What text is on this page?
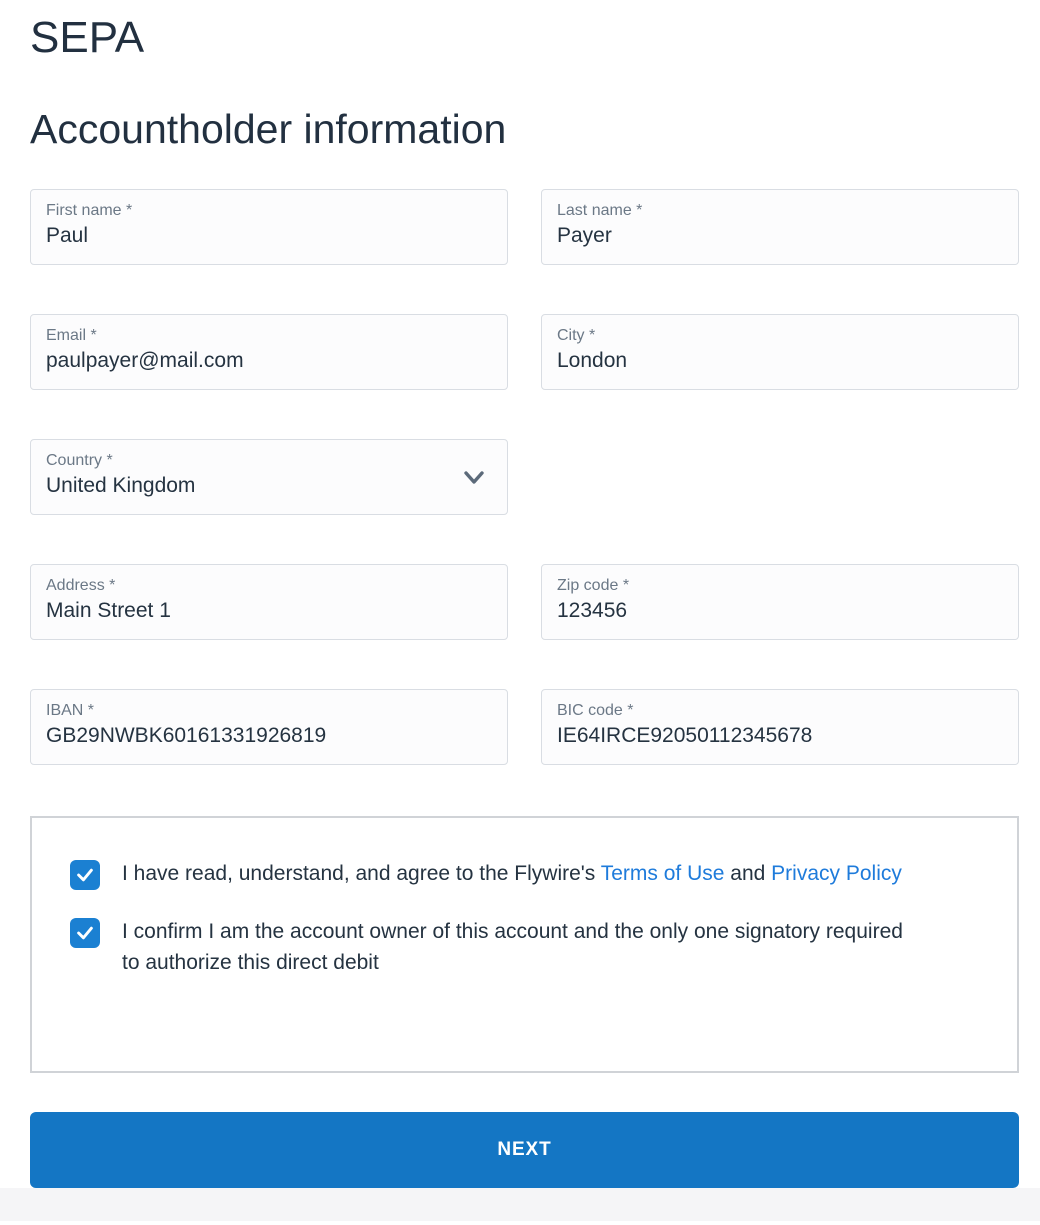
SEPA
Accountholder information
First name *
Paul
Last name *
Payer
Email *
paulpayer@mail.com
City *
London
Country *
United Kingdom
Address *
Main Street 1
Zip code *
123456
IBAN *
GB29NWBK60161331926819
BIC code *
IE64IRCE92050112345678
I have read, understand, and agree to the Flywire's Terms of Use and Privacy Policy
I confirm I am the account owner of this account and the only one signatory required to authorize this direct debit
NEXT
